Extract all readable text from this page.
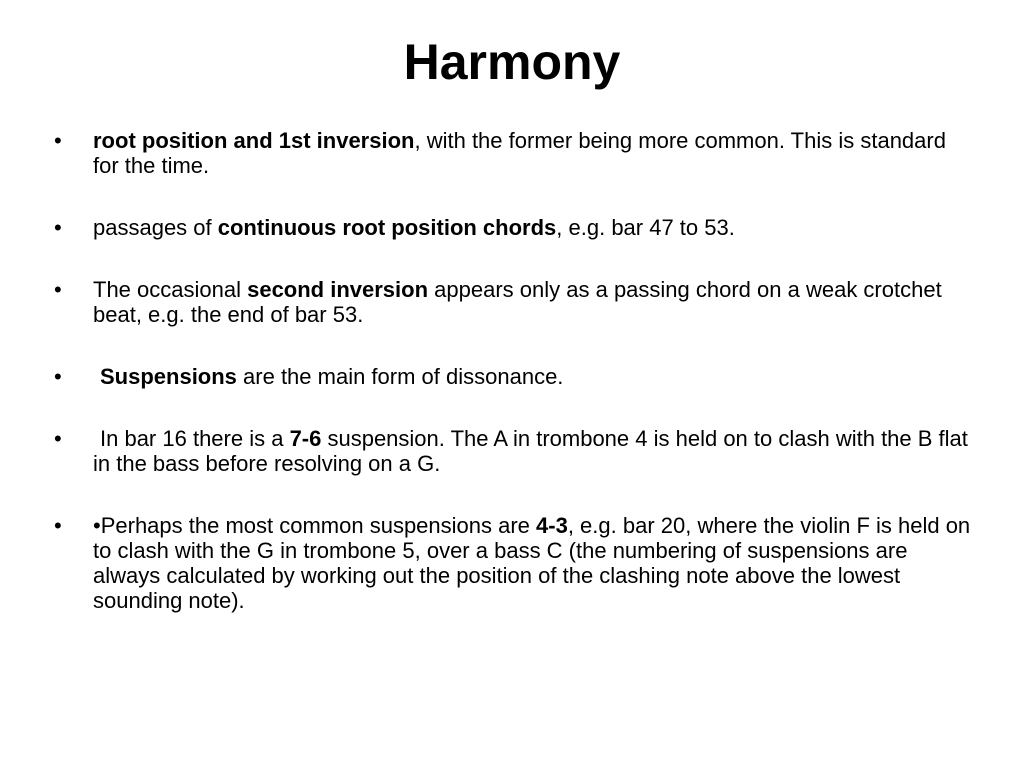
Harmony
•	root position and 1st inversion, with the former being more common. This is standard for the time.
•	passages of continuous root position chords, e.g. bar 47 to 53.
•	The occasional second inversion appears only as a passing chord on a weak crotchet beat, e.g. the end of bar 53.
•	Suspensions are the main form of dissonance.
•	In bar 16 there is a 7-6 suspension. The A in trombone 4 is held on to clash with the B flat in the bass before resolving on a G.
•	•Perhaps the most common suspensions are 4-3, e.g. bar 20, where the violin F is held on to clash with the G in trombone 5, over a bass C (the numbering of suspensions are always calculated by working out the position of the clashing note above the lowest sounding note).
